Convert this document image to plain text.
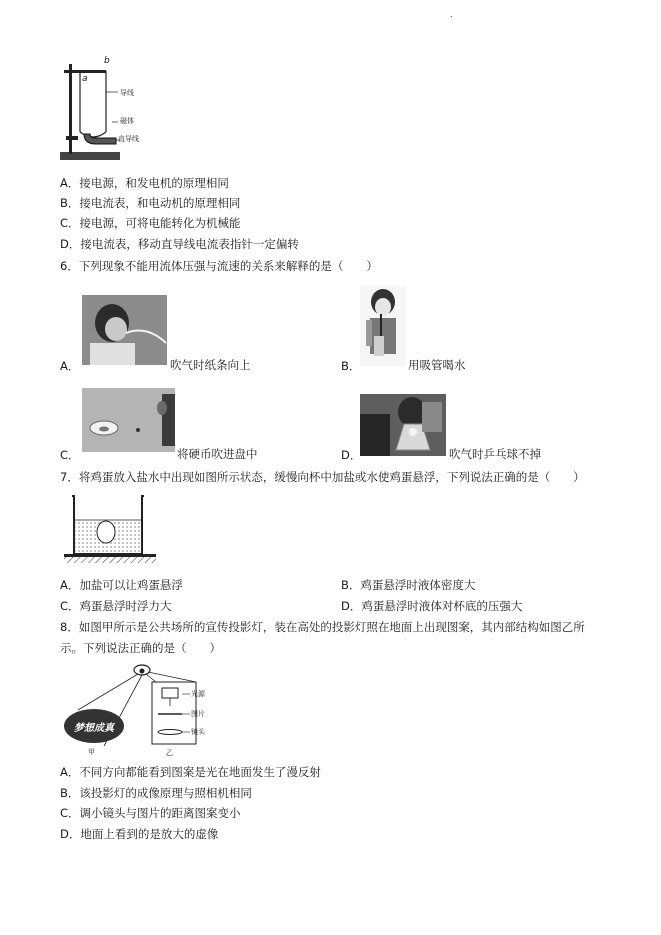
.
a
b
导线
磁体
直导线
A．接电源，和发电机的原理相同
B．接电流表，和电动机的原理相同
C．接电源，可将电能转化为机械能
D．接电流表，移动直导线电流表指针一定偏转
6．下列现象不能用流体压强与流速的关系来解释的是（　　）
A．	吹气时纸条向上	B．	用吸管喝水
C．	将硬币吹进盘中	D．	吹气时乒乓球不掉
7．将鸡蛋放入盐水中出现如图所示状态，缓慢向杯中加盐或水使鸡蛋悬浮，下列说法正确的是（　　）
A．加盐可以让鸡蛋悬浮	B．鸡蛋悬浮时液体密度大
C．鸡蛋悬浮时浮力大	D．鸡蛋悬浮时液体对杯底的压强大
8．如图甲所示是公共场所的宣传投影灯，装在高处的投影灯照在地面上出现图案，其内部结构如图乙所
示。下列说法正确的是（　　）
梦想成真
光源
图片
镜头
甲	乙
A．不同方向都能看到图案是光在地面发生了漫反射
B．该投影灯的成像原理与照相机相同
C．调小镜头与图片的距离图案变小
D．地面上看到的是放大的虚像
